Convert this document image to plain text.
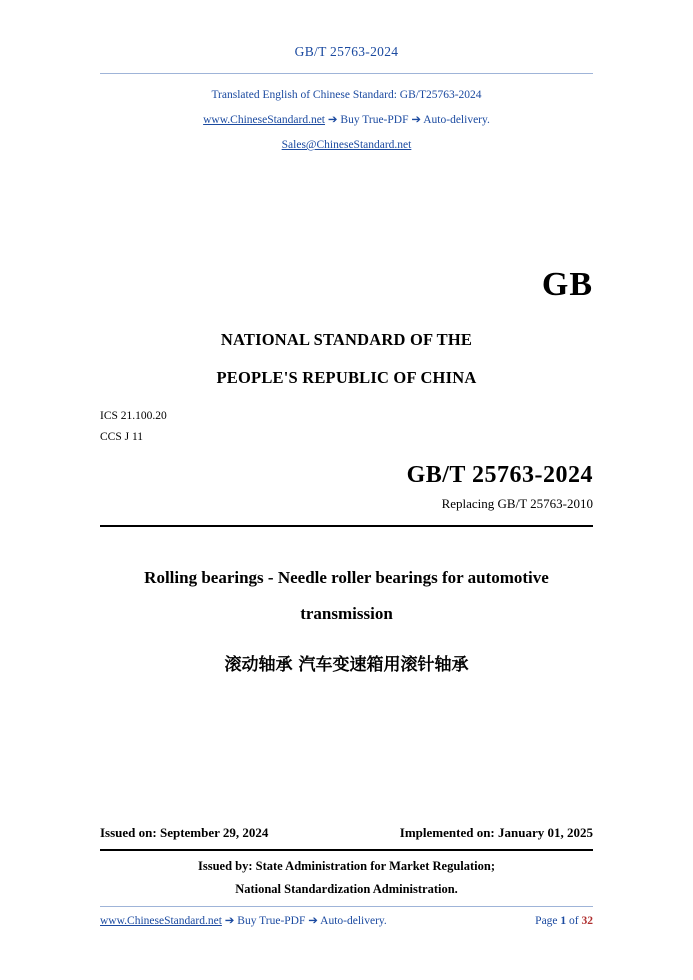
GB/T 25763-2024
Translated English of Chinese Standard: GB/T25763-2024
www.ChineseStandard.net ➔ Buy True-PDF ➔ Auto-delivery.
Sales@ChineseStandard.net
GB
NATIONAL STANDARD OF THE
PEOPLE'S REPUBLIC OF CHINA
ICS 21.100.20
CCS J 11
GB/T 25763-2024
Replacing GB/T 25763-2010
Rolling bearings - Needle roller bearings for automotive
transmission
滚动轴承 汽车变速箱用滚针轴承
Issued on: September 29, 2024	Implemented on: January 01, 2025
Issued by: State Administration for Market Regulation;
National Standardization Administration.
www.ChineseStandard.net ➔ Buy True-PDF ➔ Auto-delivery.	Page 1 of 32
